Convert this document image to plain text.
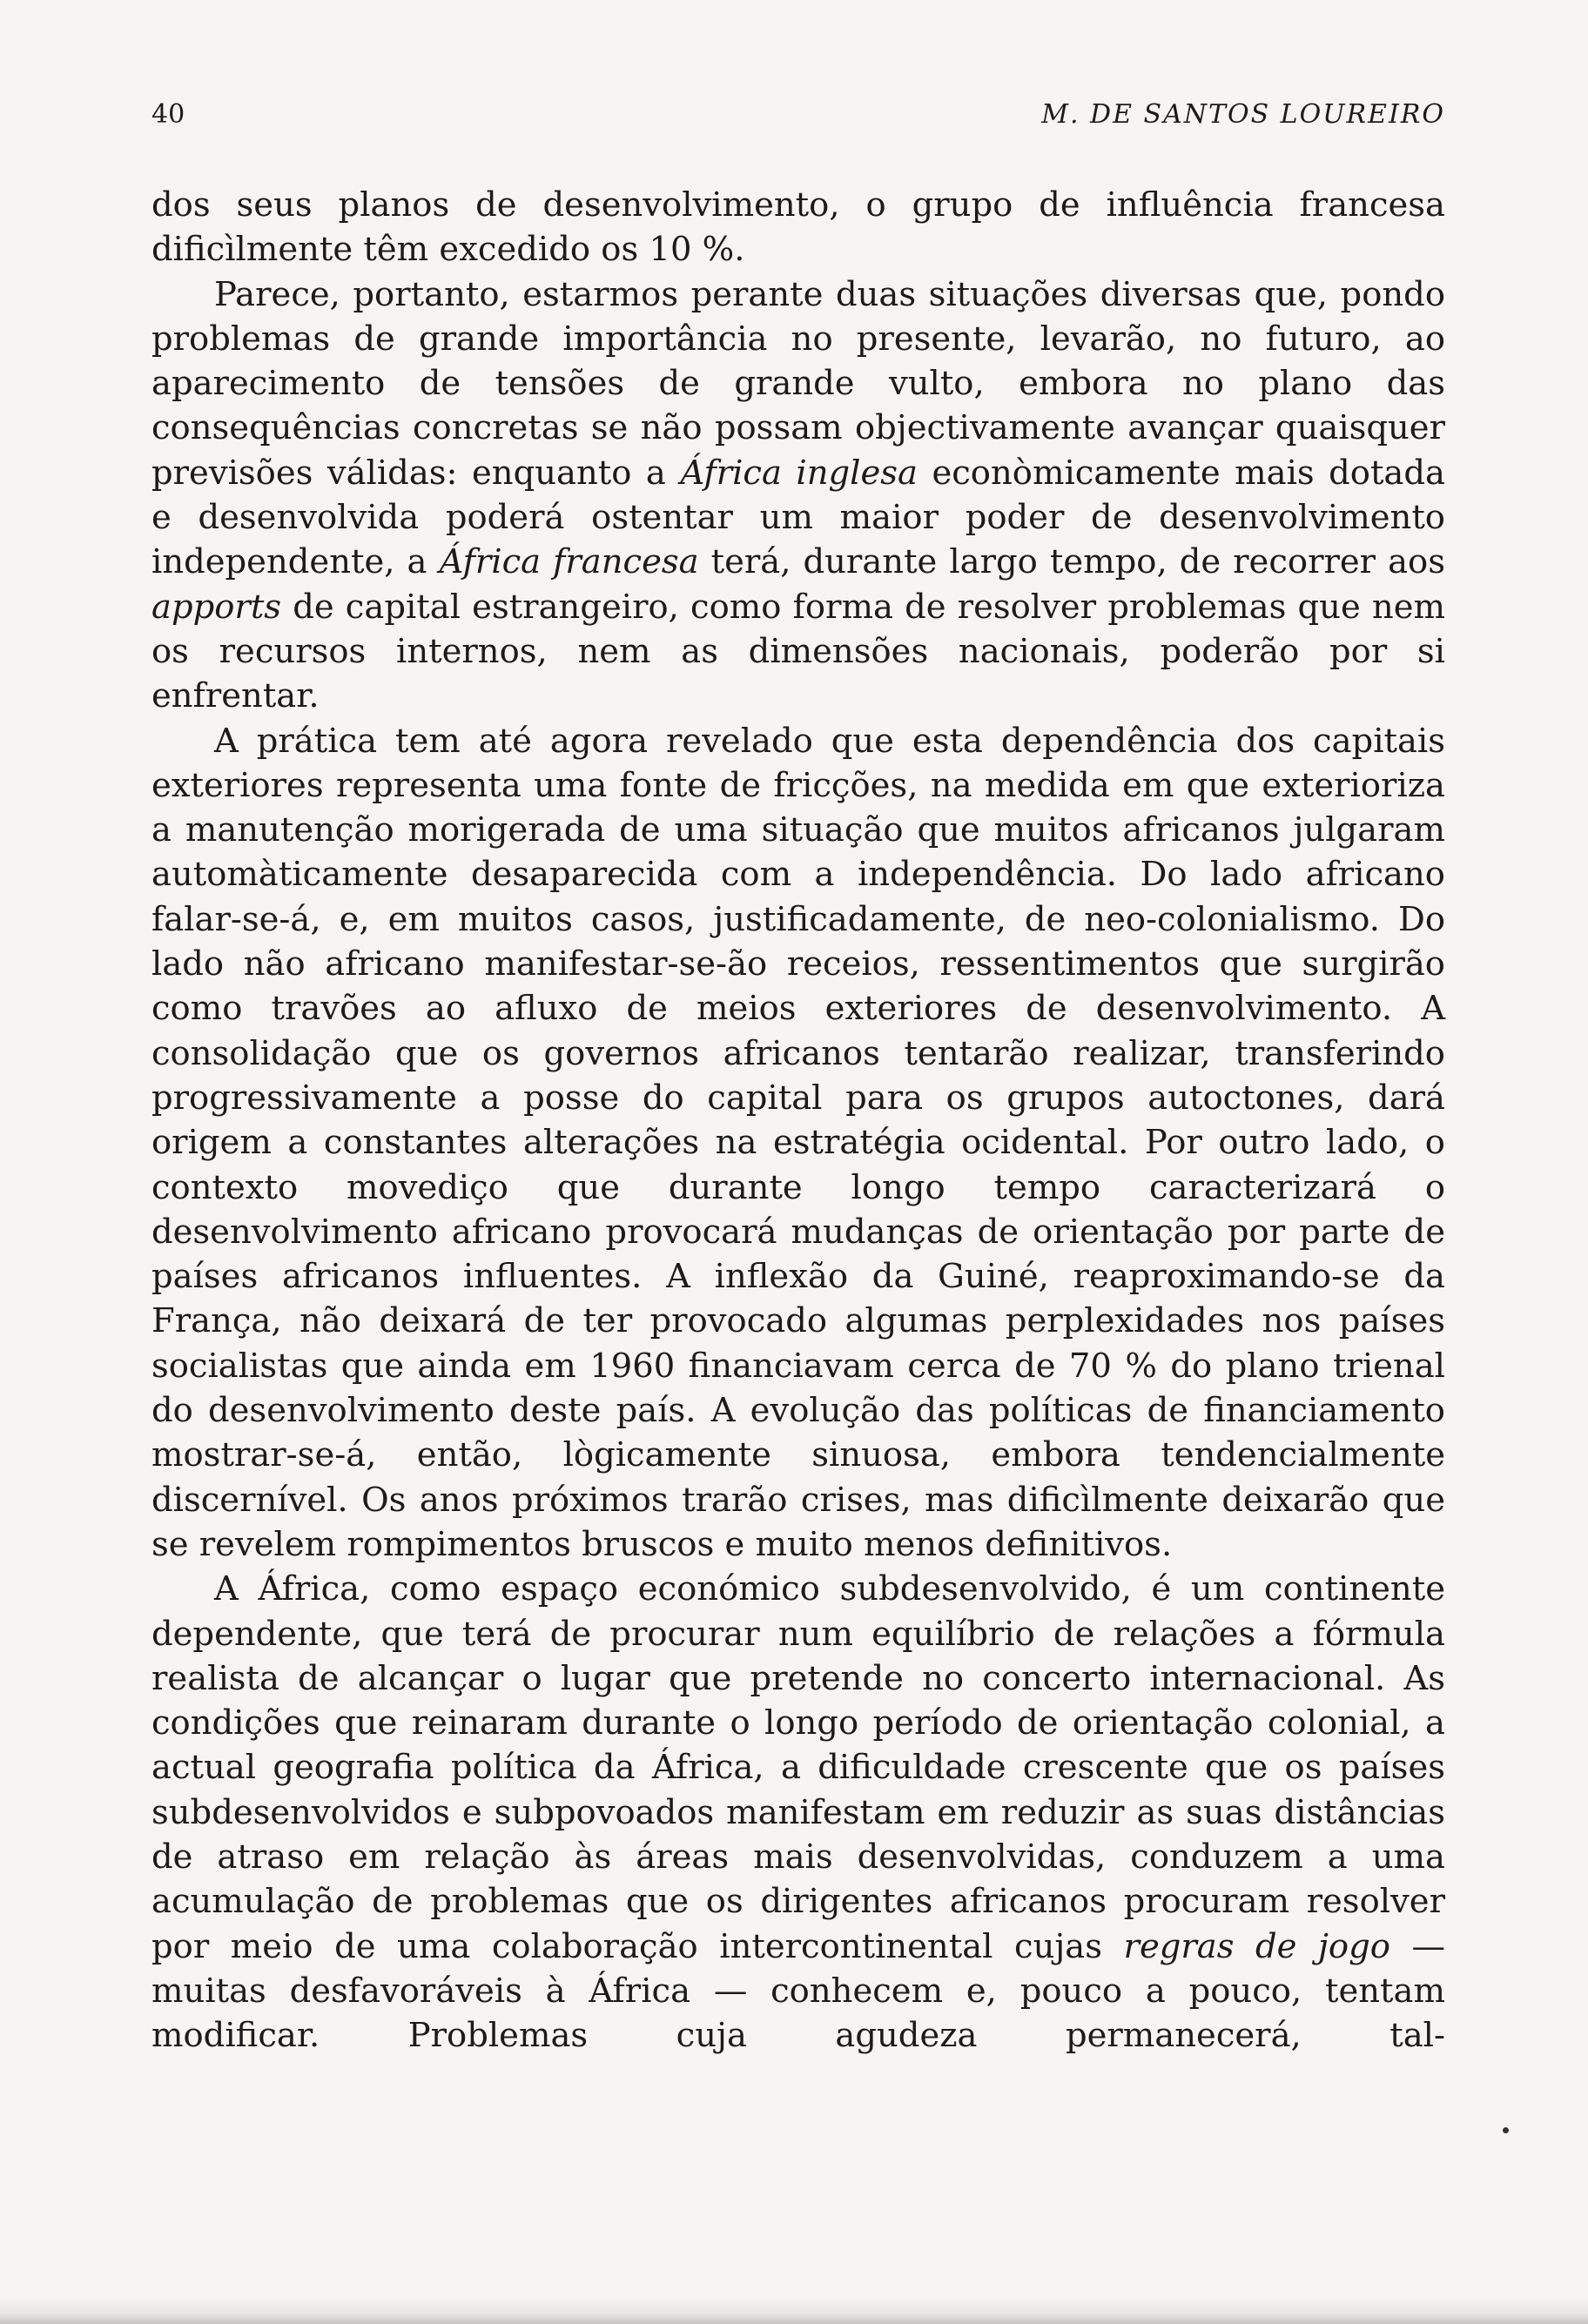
40	M. DE SANTOS LOUREIRO

dos seus planos de desenvolvimento, o grupo de influência francesa dificìlmente têm excedido os 10 %.

Parece, portanto, estarmos perante duas situações diversas que, pondo problemas de grande importância no presente, levarão, no futuro, ao aparecimento de tensões de grande vulto, embora no plano das consequências concretas se não possam objectivamente avançar quaisquer previsões válidas: enquanto a África inglesa econòmicamente mais dotada e desenvolvida poderá ostentar um maior poder de desenvolvimento independente, a África francesa terá, durante largo tempo, de recorrer aos apports de capital estrangeiro, como forma de resolver problemas que nem os recursos internos, nem as dimensões nacionais, poderão por si enfrentar.

A prática tem até agora revelado que esta dependência dos capitais exteriores representa uma fonte de fricções, na medida em que exterioriza a manutenção morigerada de uma situação que muitos africanos julgaram automàticamente desaparecida com a independência. Do lado africano falar-se-á, e, em muitos casos, justificadamente, de neo-colonialismo. Do lado não africano manifestar-se-ão receios, ressentimentos que surgirão como travões ao afluxo de meios exteriores de desenvolvimento. A consolidação que os governos africanos tentarão realizar, transferindo progressivamente a posse do capital para os grupos autoctones, dará origem a constantes alterações na estratégia ocidental. Por outro lado, o contexto movediço que durante longo tempo caracterizará o desenvolvimento africano provocará mudanças de orientação por parte de países africanos influentes. A inflexão da Guiné, reaproximando-se da França, não deixará de ter provocado algumas perplexidades nos países socialistas que ainda em 1960 financiavam cerca de 70 % do plano trienal do desenvolvimento deste país. A evolução das políticas de financiamento mostrar-se-á, então, lògicamente sinuosa, embora tendencialmente discernível. Os anos próximos trarão crises, mas dificìlmente deixarão que se revelem rompimentos bruscos e muito menos definitivos.

A África, como espaço económico subdesenvolvido, é um continente dependente, que terá de procurar num equilíbrio de relações a fórmula realista de alcançar o lugar que pretende no concerto internacional. As condições que reinaram durante o longo período de orientação colonial, a actual geografia política da África, a dificuldade crescente que os países subdesenvolvidos e subpovoados manifestam em reduzir as suas distâncias de atraso em relação às áreas mais desenvolvidas, conduzem a uma acumulação de problemas que os dirigentes africanos procuram resolver por meio de uma colaboração intercontinental cujas regras de jogo — muitas desfavoráveis à África — conhecem e, pouco a pouco, tentam modificar. Problemas cuja agudeza permanecerá, tal-
